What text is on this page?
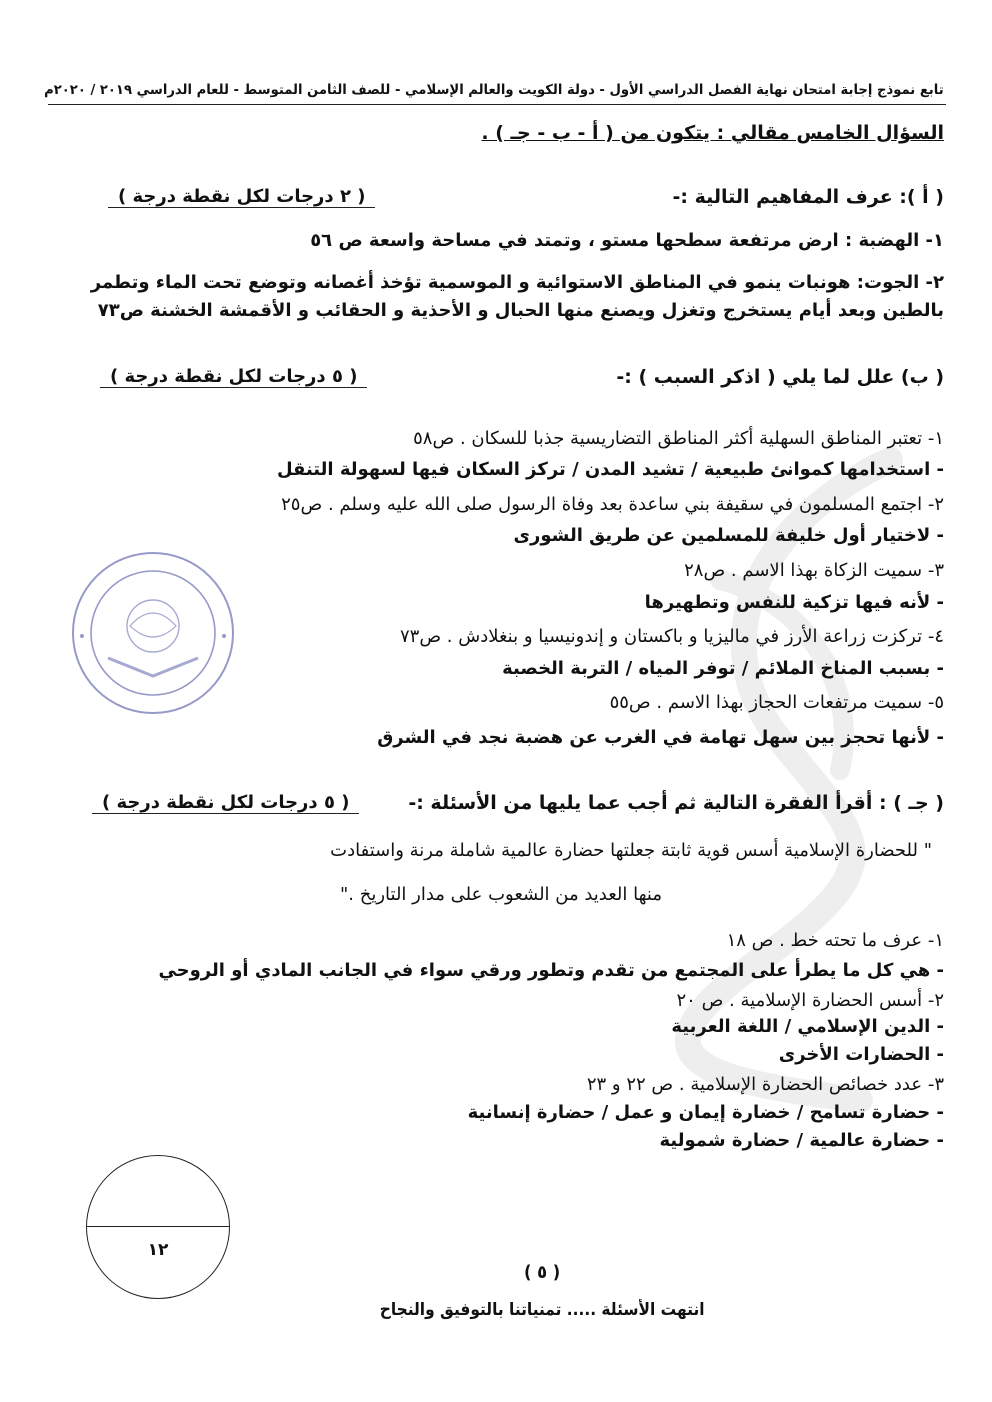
تابع نموذج إجابة امتحان نهاية الفصل الدراسي الأول - دولة الكويت والعالم الإسلامي - للصف الثامن المتوسط - للعام الدراسي ٢٠١٩ / ٢٠٢٠م
السؤال الخامس مقالي : يتكون من ( أ - ب - جـ ) .
( أ ): عرف المفاهيم التالية :-
( ٢ درجات لكل نقطة درجة )
١- الهضبة : ارض مرتفعة سطحها مستو ، وتمتد في مساحة واسعة ص ٥٦
٢- الجوت: هونبات ينمو في المناطق الاستوائية و الموسمية تؤخذ أغصانه وتوضع تحت الماء وتطمر
بالطين وبعد أيام يستخرج وتغزل ويصنع منها الحبال و الأحذية و الحقائب و الأقمشة الخشنة ص٧٣
( ب) علل لما يلي ( اذكر السبب ) :-
( ٥ درجات لكل نقطة درجة )
١- تعتبر المناطق السهلية أكثر المناطق التضاريسية جذبا للسكان . ص٥٨
- استخدامها كموانئ طبيعية / تشيد المدن / تركز السكان فيها لسهولة التنقل
٢- اجتمع المسلمون في سقيفة بني ساعدة بعد وفاة الرسول صلى الله عليه وسلم . ص٢٥
- لاختيار أول خليفة للمسلمين عن طريق الشورى
٣- سميت الزكاة بهذا الاسم . ص٢٨
- لأنه فيها تزكية للنفس وتطهيرها
٤- تركزت زراعة الأرز في ماليزيا و باكستان و إندونيسيا و بنغلادش . ص٧٣
- بسبب المناخ الملائم / توفر المياه / التربة الخصبة
٥- سميت مرتفعات الحجاز بهذا الاسم . ص٥٥
- لأنها تحجز بين سهل تهامة في الغرب عن هضبة نجد في الشرق
( جـ ) : أقرأ الفقرة التالية ثم أجب عما يليها من الأسئلة :-
( ٥ درجات لكل نقطة درجة )
" للحضارة الإسلامية أسس قوية ثابتة جعلتها حضارة عالمية شاملة مرنة واستفادت
منها العديد من الشعوب على مدار التاريخ ."
١- عرف ما تحته خط . ص ١٨
- هي كل ما يطرأ على المجتمع من تقدم وتطور ورقي سواء في الجانب المادي أو الروحي
٢- أسس الحضارة الإسلامية . ص ٢٠
- الدين الإسلامي / اللغة العربية
- الحضارات الأخرى
٣- عدد خصائص الحضارة الإسلامية . ص ٢٢ و ٢٣
- حضارة تسامح / خضارة إيمان و عمل / حضارة إنسانية
- حضارة عالمية / حضارة شمولية
١٢
( ٥ )
انتهت الأسئلة ..... تمنياتنا بالتوفيق والنجاح
